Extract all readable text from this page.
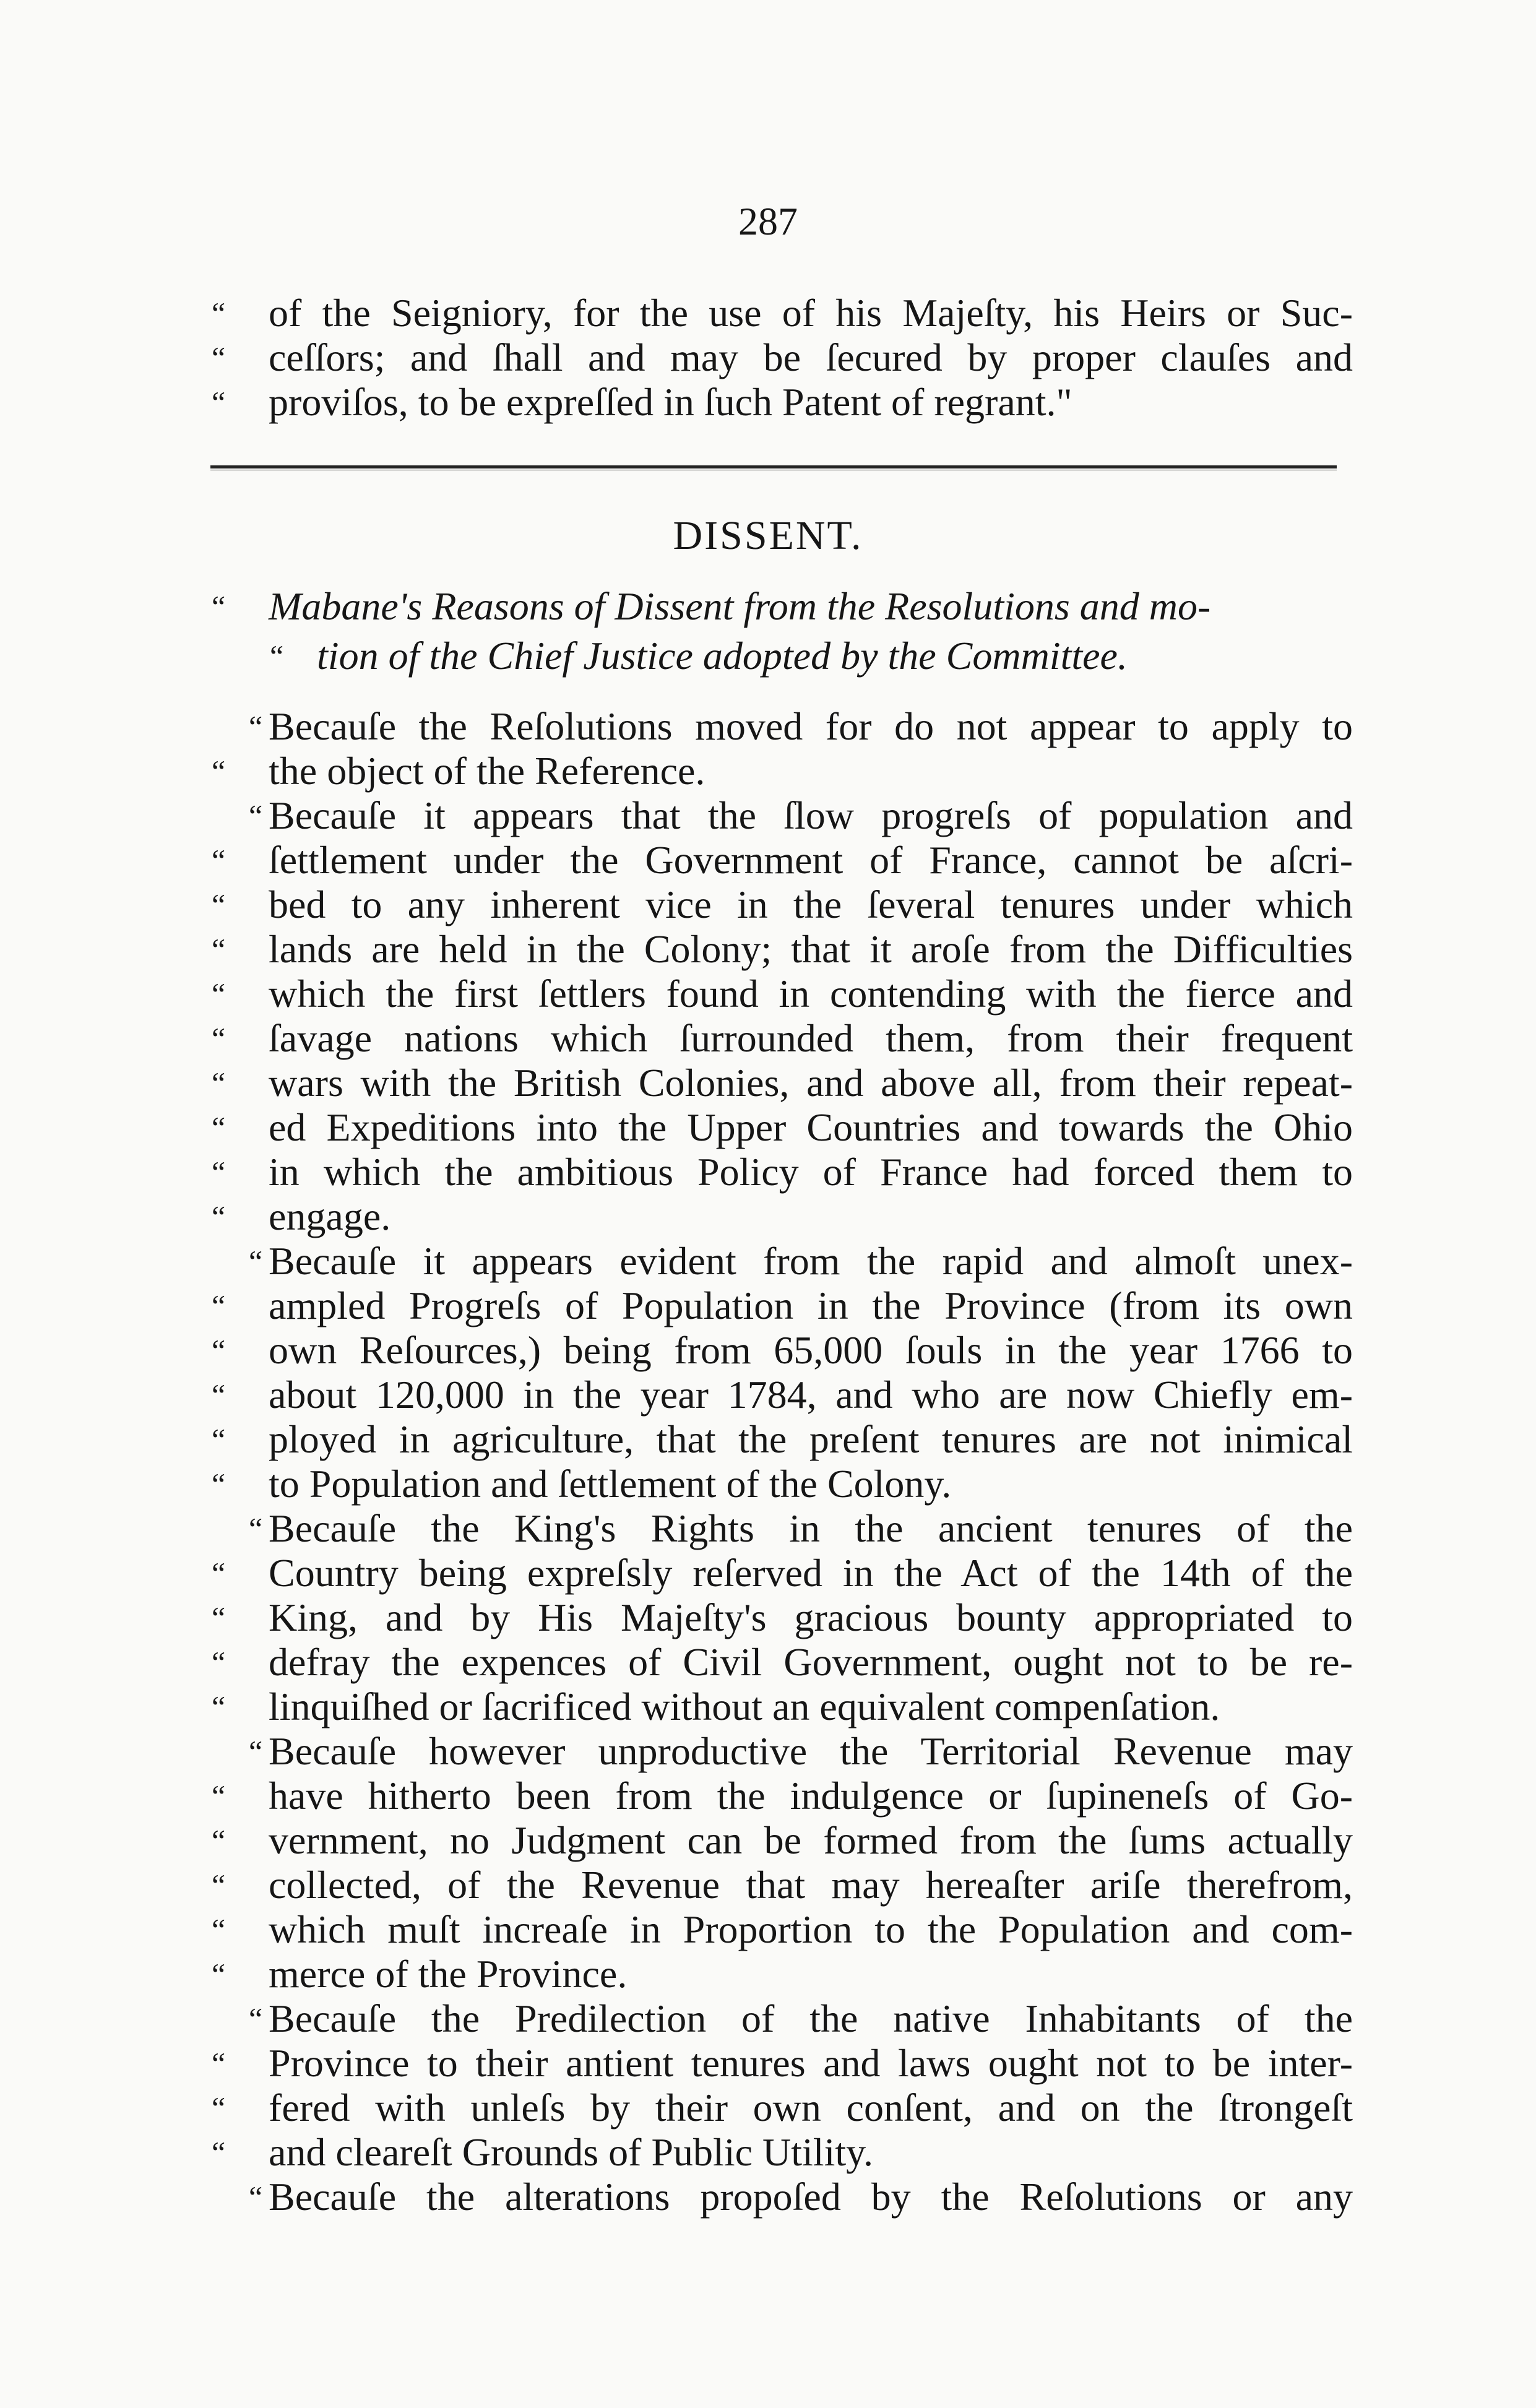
287
“ of the Seigniory, for the use of his Majeſty, his Heirs or Suc-
“ ceſſors; and ſhall and may be ſecured by proper clauſes and
“ proviſos, to be expreſſed in ſuch Patent of regrant."
DISSENT.
“ Mabane's Reasons of Dissent from the Resolutions and mo-
“ tion of the Chief Justice adopted by the Committee.
“ Becauſe the Reſolutions moved for do not appear to apply to
“ the object of the Reference.
“ Becauſe it appears that the ſlow progreſs of population and
“ ſettlement under the Government of France, cannot be aſcri-
“ bed to any inherent vice in the ſeveral tenures under which
“ lands are held in the Colony; that it aroſe from the Difficulties
“ which the first ſettlers found in contending with the fierce and
“ ſavage nations which ſurrounded them, from their frequent
“ wars with the British Colonies, and above all, from their repeat-
“ ed Expeditions into the Upper Countries and towards the Ohio
“ in which the ambitious Policy of France had forced them to
“ engage.
“ Becauſe it appears evident from the rapid and almoſt unex-
“ ampled Progreſs of Population in the Province (from its own
“ own Reſources,) being from 65,000 ſouls in the year 1766 to
“ about 120,000 in the year 1784, and who are now Chiefly em-
“ ployed in agriculture, that the preſent tenures are not inimical
“ to Population and ſettlement of the Colony.
“ Becauſe the King's Rights in the ancient tenures of the
“ Country being expreſsly reſerved in the Act of the 14th of the
“ King, and by His Majeſty's gracious bounty appropriated to
“ defray the expences of Civil Government, ought not to be re-
“ linquiſhed or ſacrificed without an equivalent compenſation.
“ Becauſe however unproductive the Territorial Revenue may
“ have hitherto been from the indulgence or ſupineneſs of Go-
“ vernment, no Judgment can be formed from the ſums actually
“ collected, of the Revenue that may hereaſter ariſe therefrom,
“ which muſt increaſe in Proportion to the Population and com-
“ merce of the Province.
“ Becauſe the Predilection of the native Inhabitants of the
“ Province to their antient tenures and laws ought not to be inter-
“ fered with unleſs by their own conſent, and on the ſtrongeſt
“ and cleareſt Grounds of Public Utility.
“ Becauſe the alterations propoſed by the Reſolutions or any
